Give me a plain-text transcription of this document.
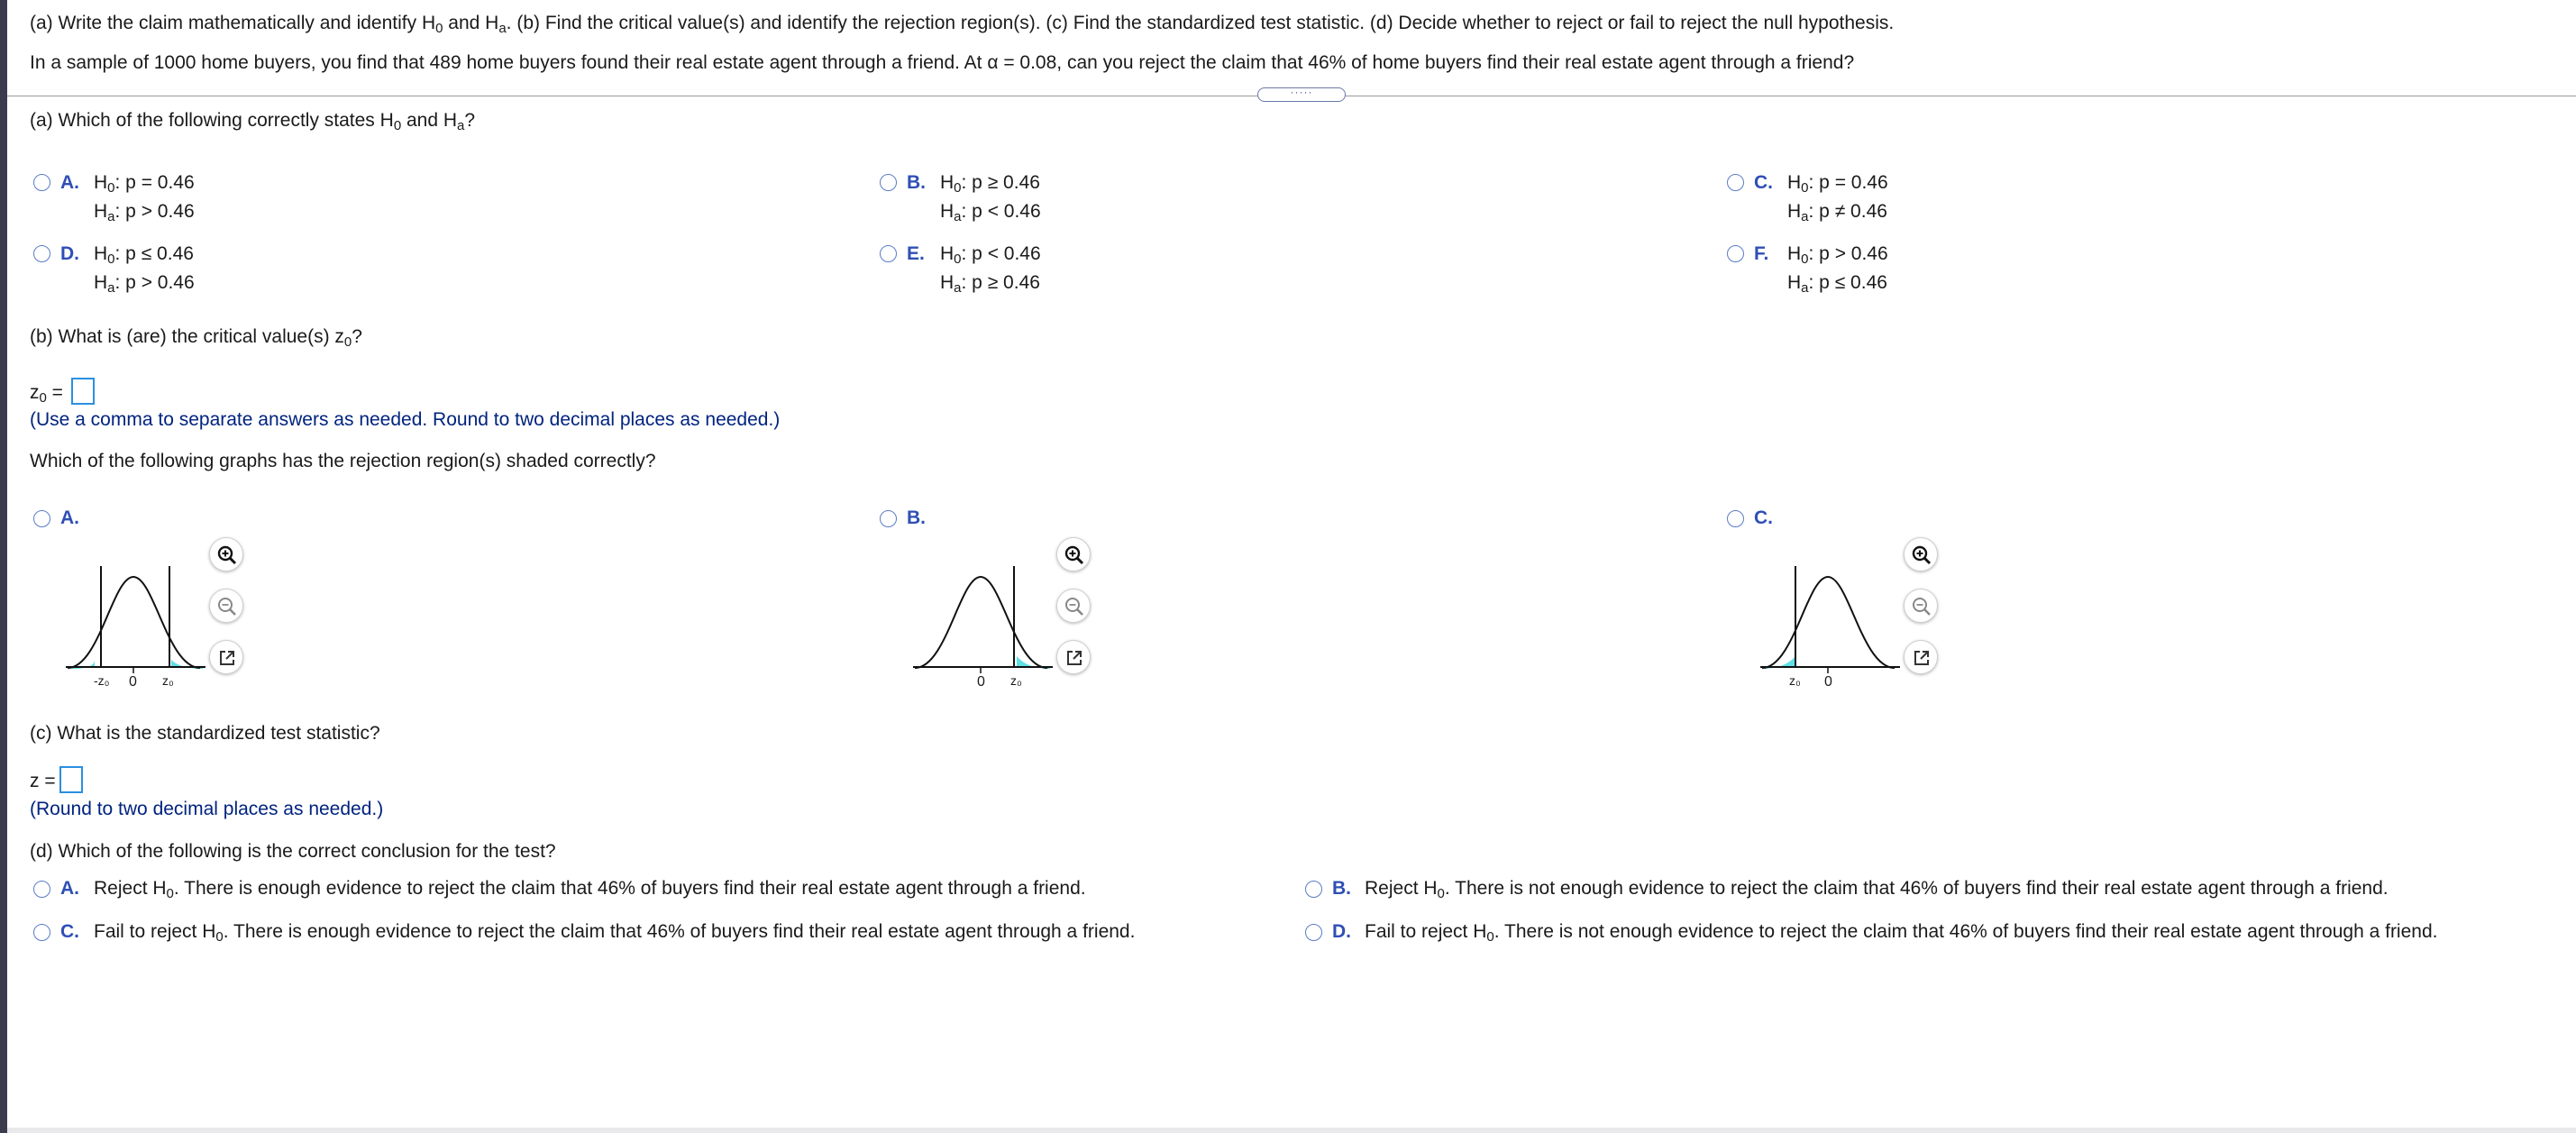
(a) Write the claim mathematically and identify $H_0$ and $H_a$. (b) Find the critical value(s) and identify the rejection region(s). (c) Find the standardized test statistic. (d) Decide whether to reject or fail to reject the null hypothesis.
In a sample of 1000 home buyers, you find that 489 home buyers found their real estate agent through a friend. At α = 0.08, can you reject the claim that 46% of home buyers find their real estate agent through a friend?
·····
(a) Which of the following correctly states $H_0$ and $H_a$?
A. $H_0$: p = 0.46
$H_a$: p > 0.46
B. $H_0$: p ≥ 0.46
$H_a$: p < 0.46
C. $H_0$: p = 0.46
$H_a$: p ≠ 0.46
D. $H_0$: p ≤ 0.46
$H_a$: p > 0.46
E. $H_0$: p < 0.46
$H_a$: p ≥ 0.46
F. $H_0$: p > 0.46
$H_a$: p ≤ 0.46
(b) What is (are) the critical value(s) $z_0$?
$z_0$ =
(Use a comma to separate answers as needed. Round to two decimal places as needed.)
Which of the following graphs has the rejection region(s) shaded correctly?
A.
-z₀ 0 z₀
B.
0 z₀
C.
z₀ 0
(c) What is the standardized test statistic?
z =
(Round to two decimal places as needed.)
(d) Which of the following is the correct conclusion for the test?
A. Reject $H_0$. There is enough evidence to reject the claim that 46% of buyers find their real estate agent through a friend.	B. Reject $H_0$. There is not enough evidence to reject the claim that 46% of buyers find their real estate agent through a friend.
C. Fail to reject $H_0$. There is enough evidence to reject the claim that 46% of buyers find their real estate agent through a friend.	D. Fail to reject $H_0$. There is not enough evidence to reject the claim that 46% of buyers find their real estate agent through a friend.
